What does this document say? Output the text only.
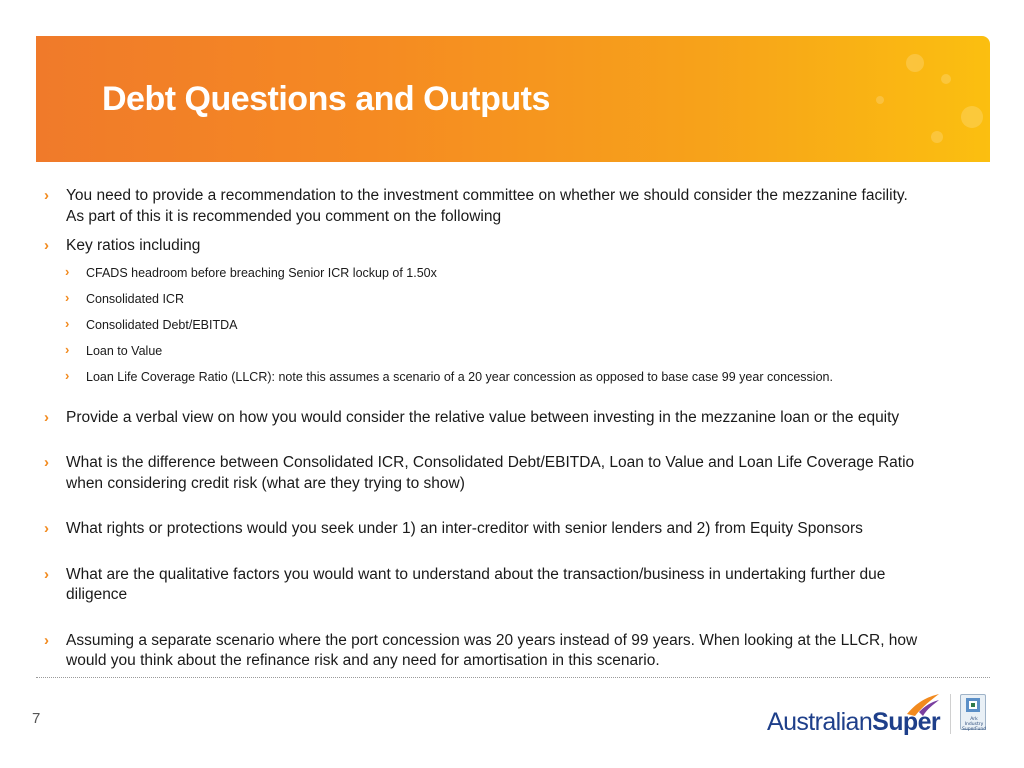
Debt Questions and Outputs
› You need to provide a recommendation to the investment committee on whether we should consider the mezzanine facility.
As part of this it is recommended you comment on the following
› Key ratios including
› CFADS headroom before breaching Senior ICR lockup of 1.50x
› Consolidated ICR
› Consolidated Debt/EBITDA
› Loan to Value
› Loan Life Coverage Ratio (LLCR): note this assumes a scenario of a 20 year concession as opposed to base case 99 year concession.
› Provide a verbal view on how you would consider the relative value between investing in the mezzanine loan or the equity
› What is the difference between Consolidated ICR, Consolidated Debt/EBITDA, Loan to Value and Loan Life Coverage Ratio
when considering credit risk (what are they trying to show)
› What rights or protections would you seek under 1) an inter-creditor with senior lenders and 2) from Equity Sponsors
› What are the qualitative factors you would want to understand about the transaction/business in undertaking further due
diligence
› Assuming a separate scenario where the port concession was 20 years instead of 99 years. When looking at the LLCR, how
would you think about the refinance risk and any need for amortisation in this scenario.
7	AustralianSuper	Ark Industry SuperFund
